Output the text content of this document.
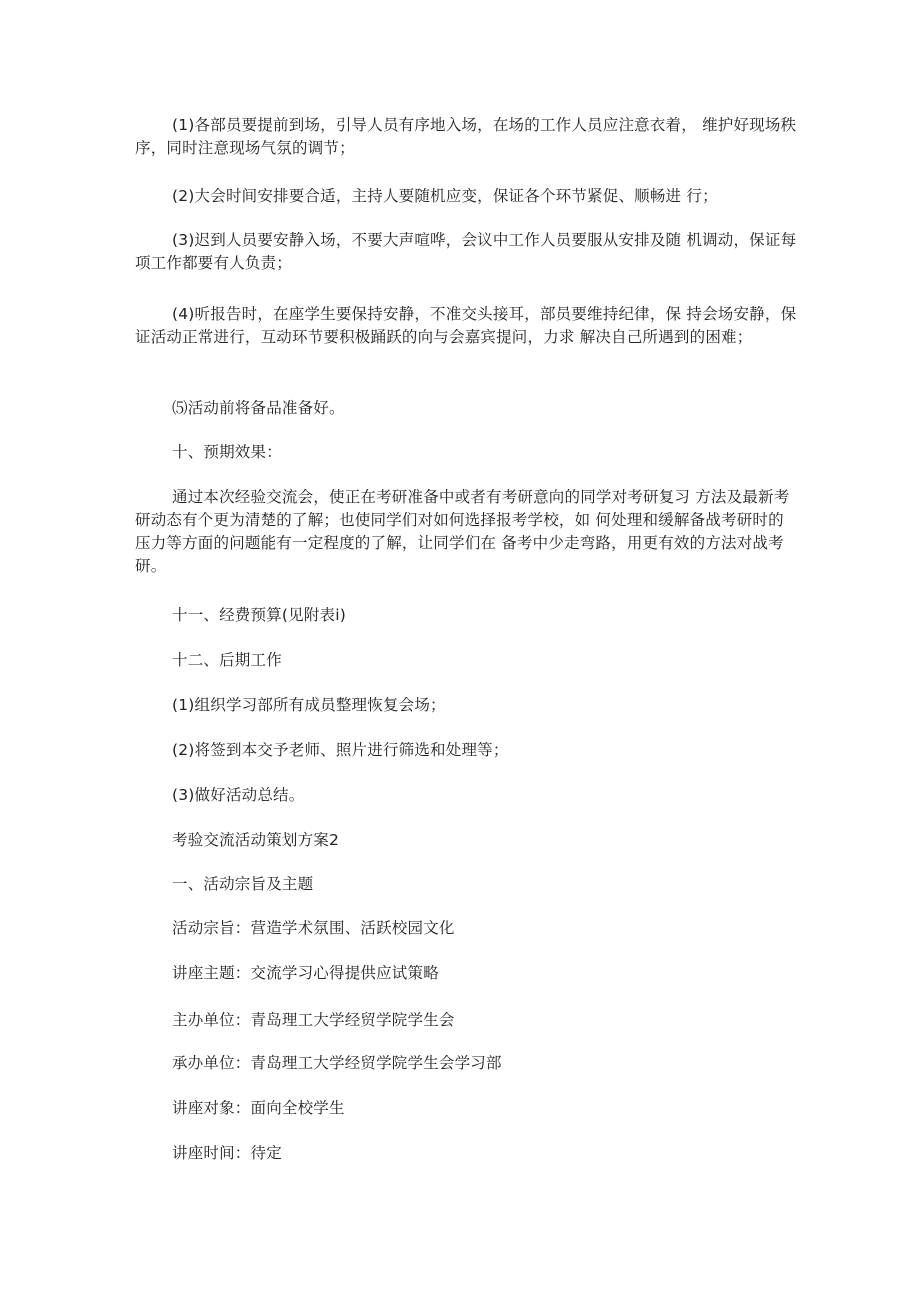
(1)各部员要提前到场，引导人员有序地入场，在场的工作人员应注意衣着， 维护好现场秩序，同时注意现场气氛的调节；

(2)大会时间安排要合适，主持人要随机应变，保证各个环节紧促、顺畅进 行；

(3)迟到人员要安静入场，不要大声喧哗，会议中工作人员要服从安排及随 机调动，保证每项工作都要有人负责；

(4)听报告时，在座学生要保持安静，不准交头接耳，部员要维持纪律，保 持会场安静，保证活动正常进行，互动环节要积极踊跃的向与会嘉宾提问，力求 解决自己所遇到的困难；

⑸活动前将备品准备好。

十、预期效果：

通过本次经验交流会，使正在考研准备中或者有考研意向的同学对考研复习 方法及最新考研动态有个更为清楚的了解；也使同学们对如何选择报考学校，如 何处理和缓解备战考研时的压力等方面的问题能有一定程度的了解，让同学们在 备考中少走弯路，用更有效的方法对战考研。

十一、经费预算(见附表i)

十二、后期工作

(1)组织学习部所有成员整理恢复会场；

(2)将签到本交予老师、照片进行筛选和处理等；

(3)做好活动总结。

考验交流活动策划方案2

一、活动宗旨及主题

活动宗旨：营造学术氛围、活跃校园文化

讲座主题：交流学习心得提供应试策略

主办单位：青岛理工大学经贸学院学生会

承办单位：青岛理工大学经贸学院学生会学习部

讲座对象：面向全校学生

讲座时间：待定
